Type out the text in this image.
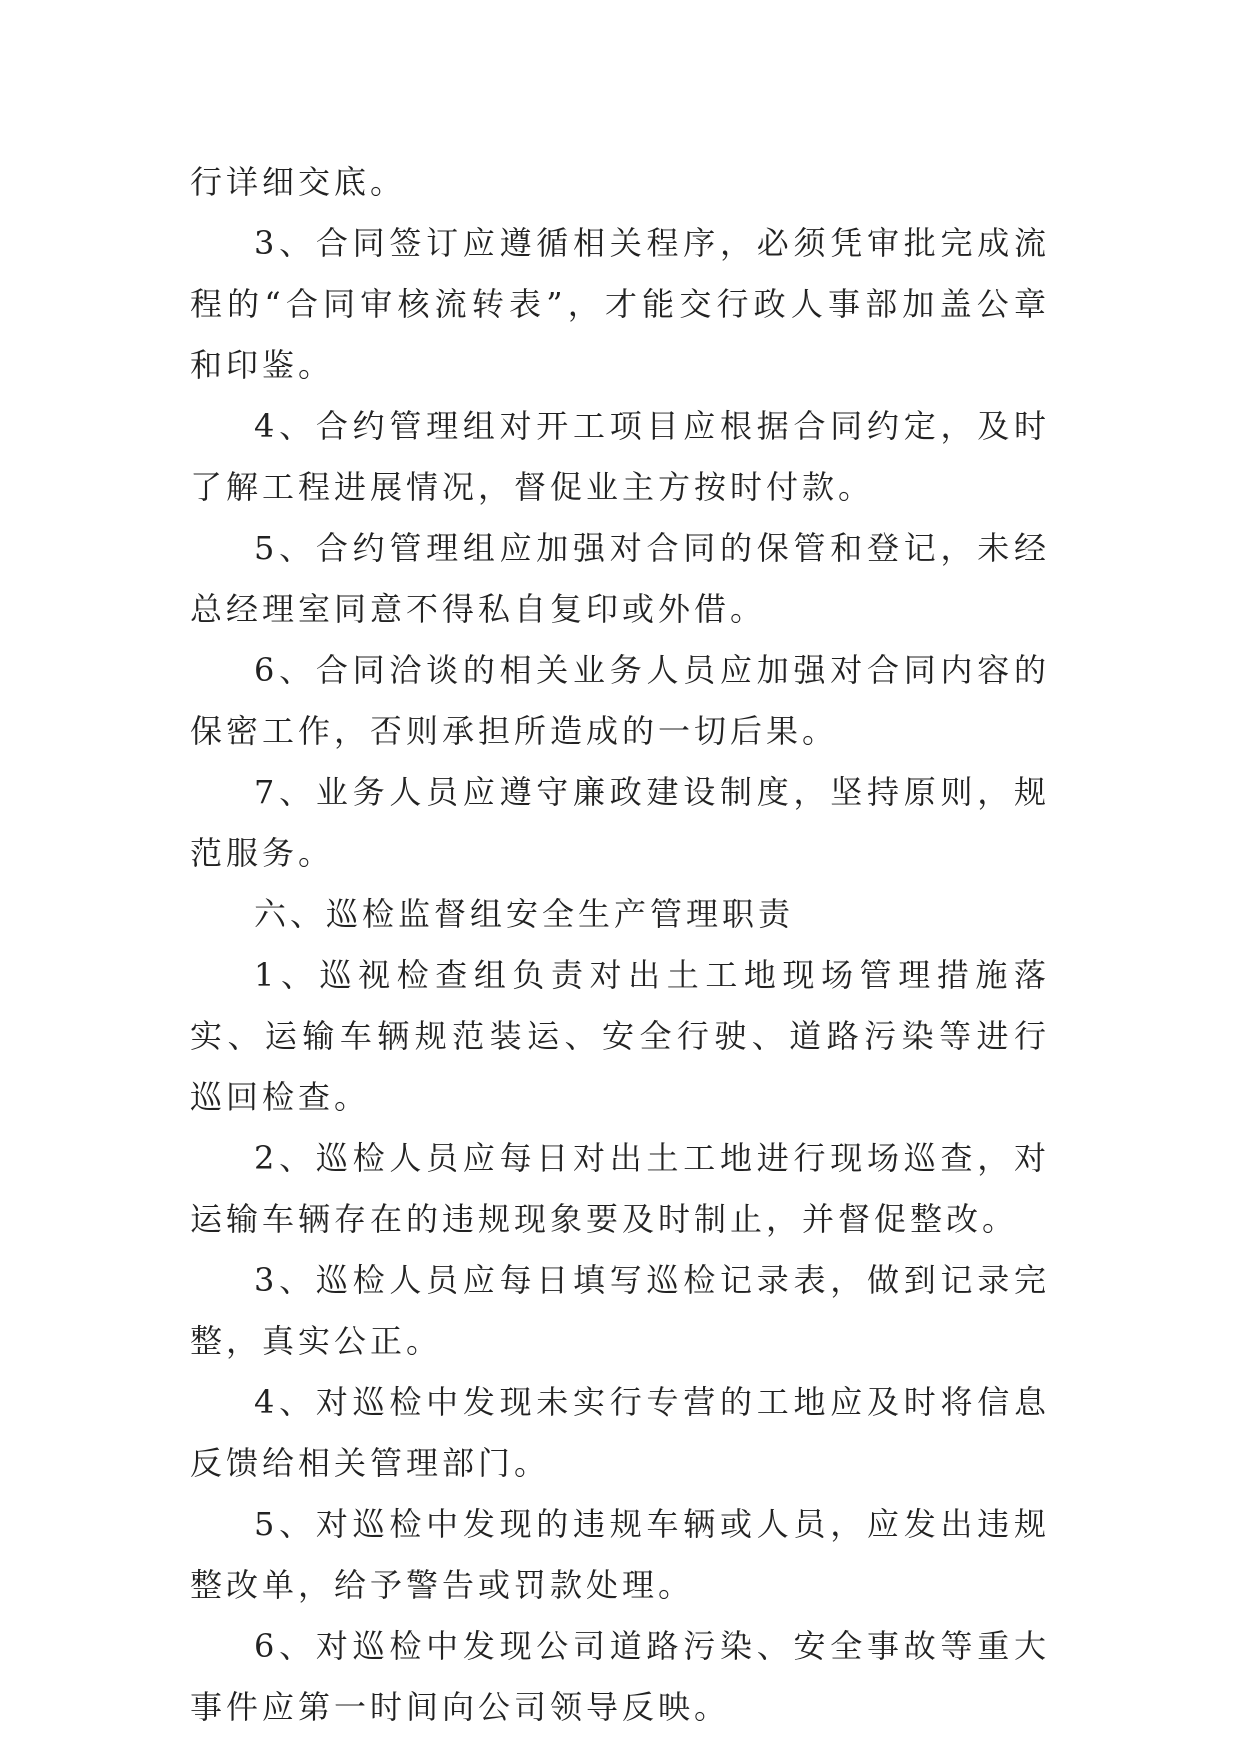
行详细交底。

3、合同签订应遵循相关程序，必须凭审批完成流程的“合同审核流转表”，才能交行政人事部加盖公章和印鉴。

4、合约管理组对开工项目应根据合同约定，及时了解工程进展情况，督促业主方按时付款。

5、合约管理组应加强对合同的保管和登记，未经总经理室同意不得私自复印或外借。

6、合同洽谈的相关业务人员应加强对合同内容的保密工作，否则承担所造成的一切后果。

7、业务人员应遵守廉政建设制度，坚持原则，规范服务。

六、巡检监督组安全生产管理职责

1、巡视检查组负责对出土工地现场管理措施落实、运输车辆规范装运、安全行驶、道路污染等进行巡回检查。

2、巡检人员应每日对出土工地进行现场巡查，对运输车辆存在的违规现象要及时制止，并督促整改。

3、巡检人员应每日填写巡检记录表，做到记录完整，真实公正。

4、对巡检中发现未实行专营的工地应及时将信息反馈给相关管理部门。

5、对巡检中发现的违规车辆或人员，应发出违规整改单，给予警告或罚款处理。

6、对巡检中发现公司道路污染、安全事故等重大事件应第一时间向公司领导反映。
